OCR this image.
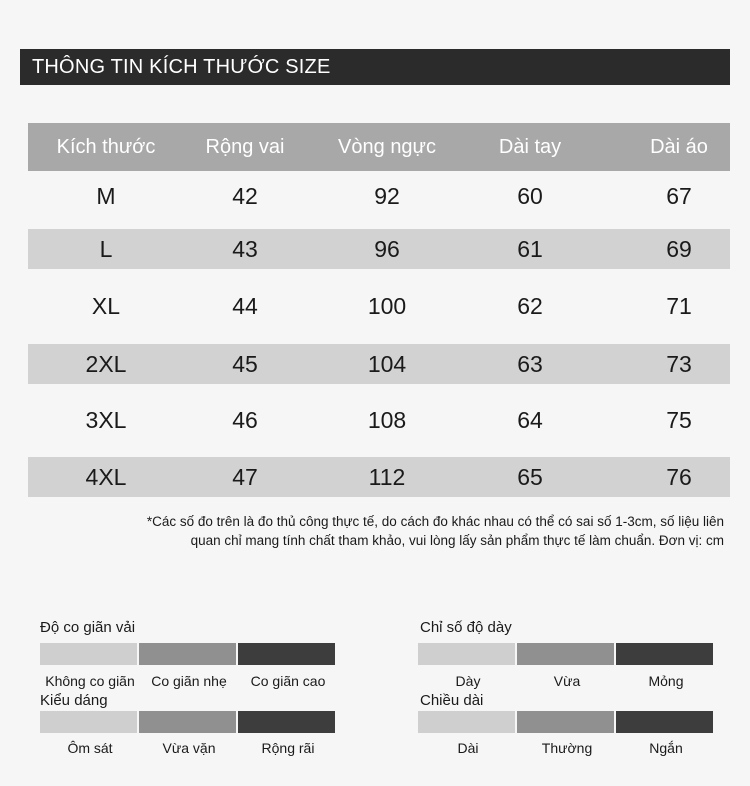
THÔNG TIN KÍCH THƯỚC SIZE
Kích thước	Rộng vai	Vòng ngực	Dài tay	Dài áo
M	42	92	60	67
L	43	96	61	69
XL	44	100	62	71
2XL	45	104	63	73
3XL	46	108	64	75
4XL	47	112	65	76
*Các số đo trên là đo thủ công thực tế, do cách đo khác nhau có thể có sai số 1-3cm, số liệu liên
quan chỉ mang tính chất tham khảo, vui lòng lấy sản phẩm thực tế làm chuẩn. Đơn vị: cm
Độ co giãn vải
Không co giãn	Co giãn nhẹ	Co giãn cao
Kiểu dáng
Ôm sát	Vừa vặn	Rộng rãi
Chỉ số độ dày
Dày	Vừa	Mỏng
Chiều dài
Dài	Thường	Ngắn
